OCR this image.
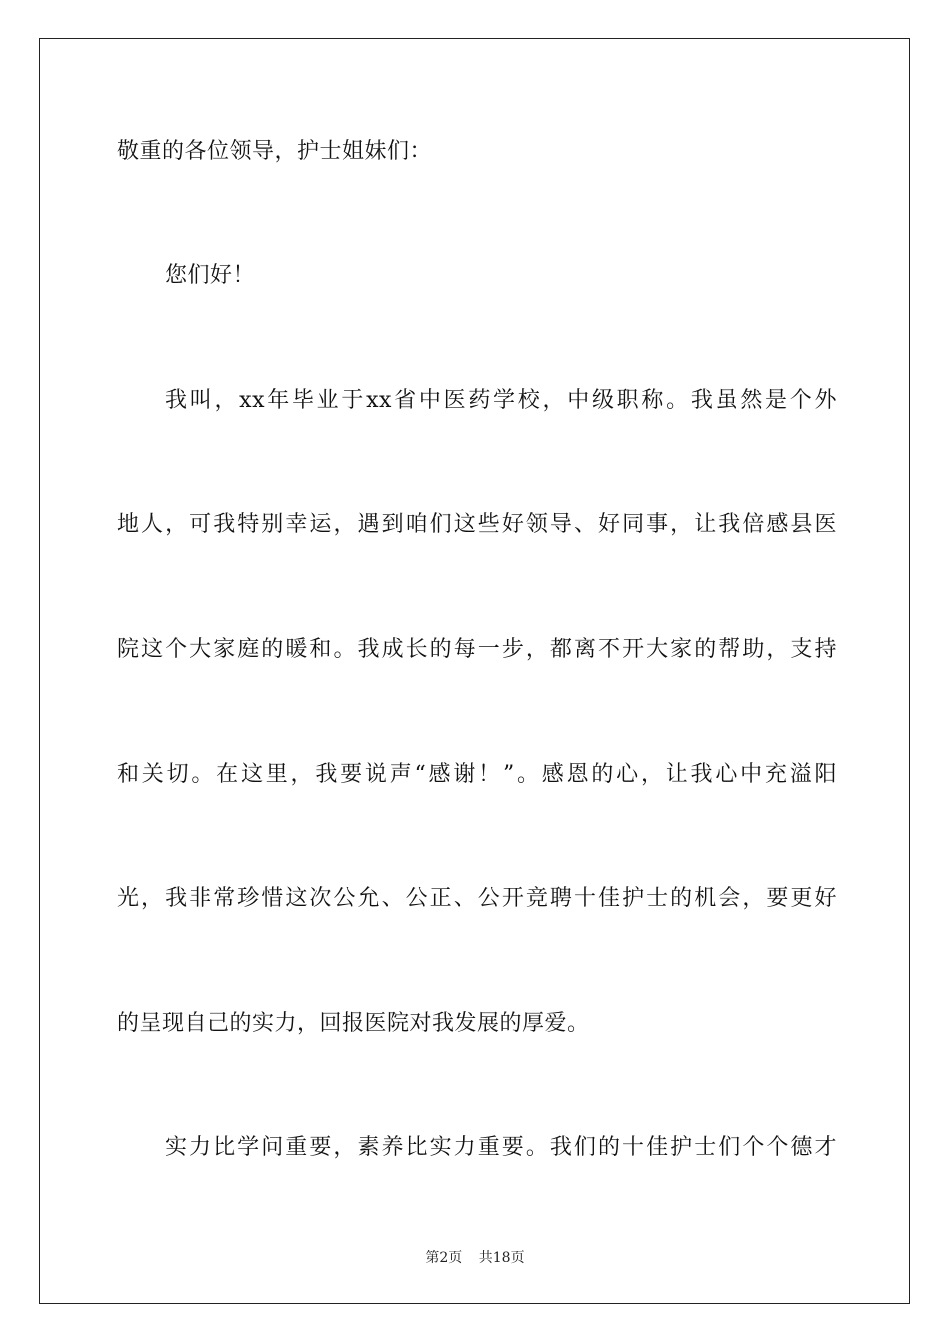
敬重的各位领导，护士姐妹们：
您们好！
我叫，xx年毕业于xx省中医药学校，中级职称。我虽然是个外
地人，可我特别幸运，遇到咱们这些好领导、好同事，让我倍感县医
院这个大家庭的暖和。我成长的每一步，都离不开大家的帮助，支持
和关切。在这里，我要说声“感谢！”。感恩的心，让我心中充溢阳
光，我非常珍惜这次公允、公正、公开竞聘十佳护士的机会，要更好
的呈现自己的实力，回报医院对我发展的厚爱。
实力比学问重要，素养比实力重要。我们的十佳护士们个个德才
第2页 共18页
